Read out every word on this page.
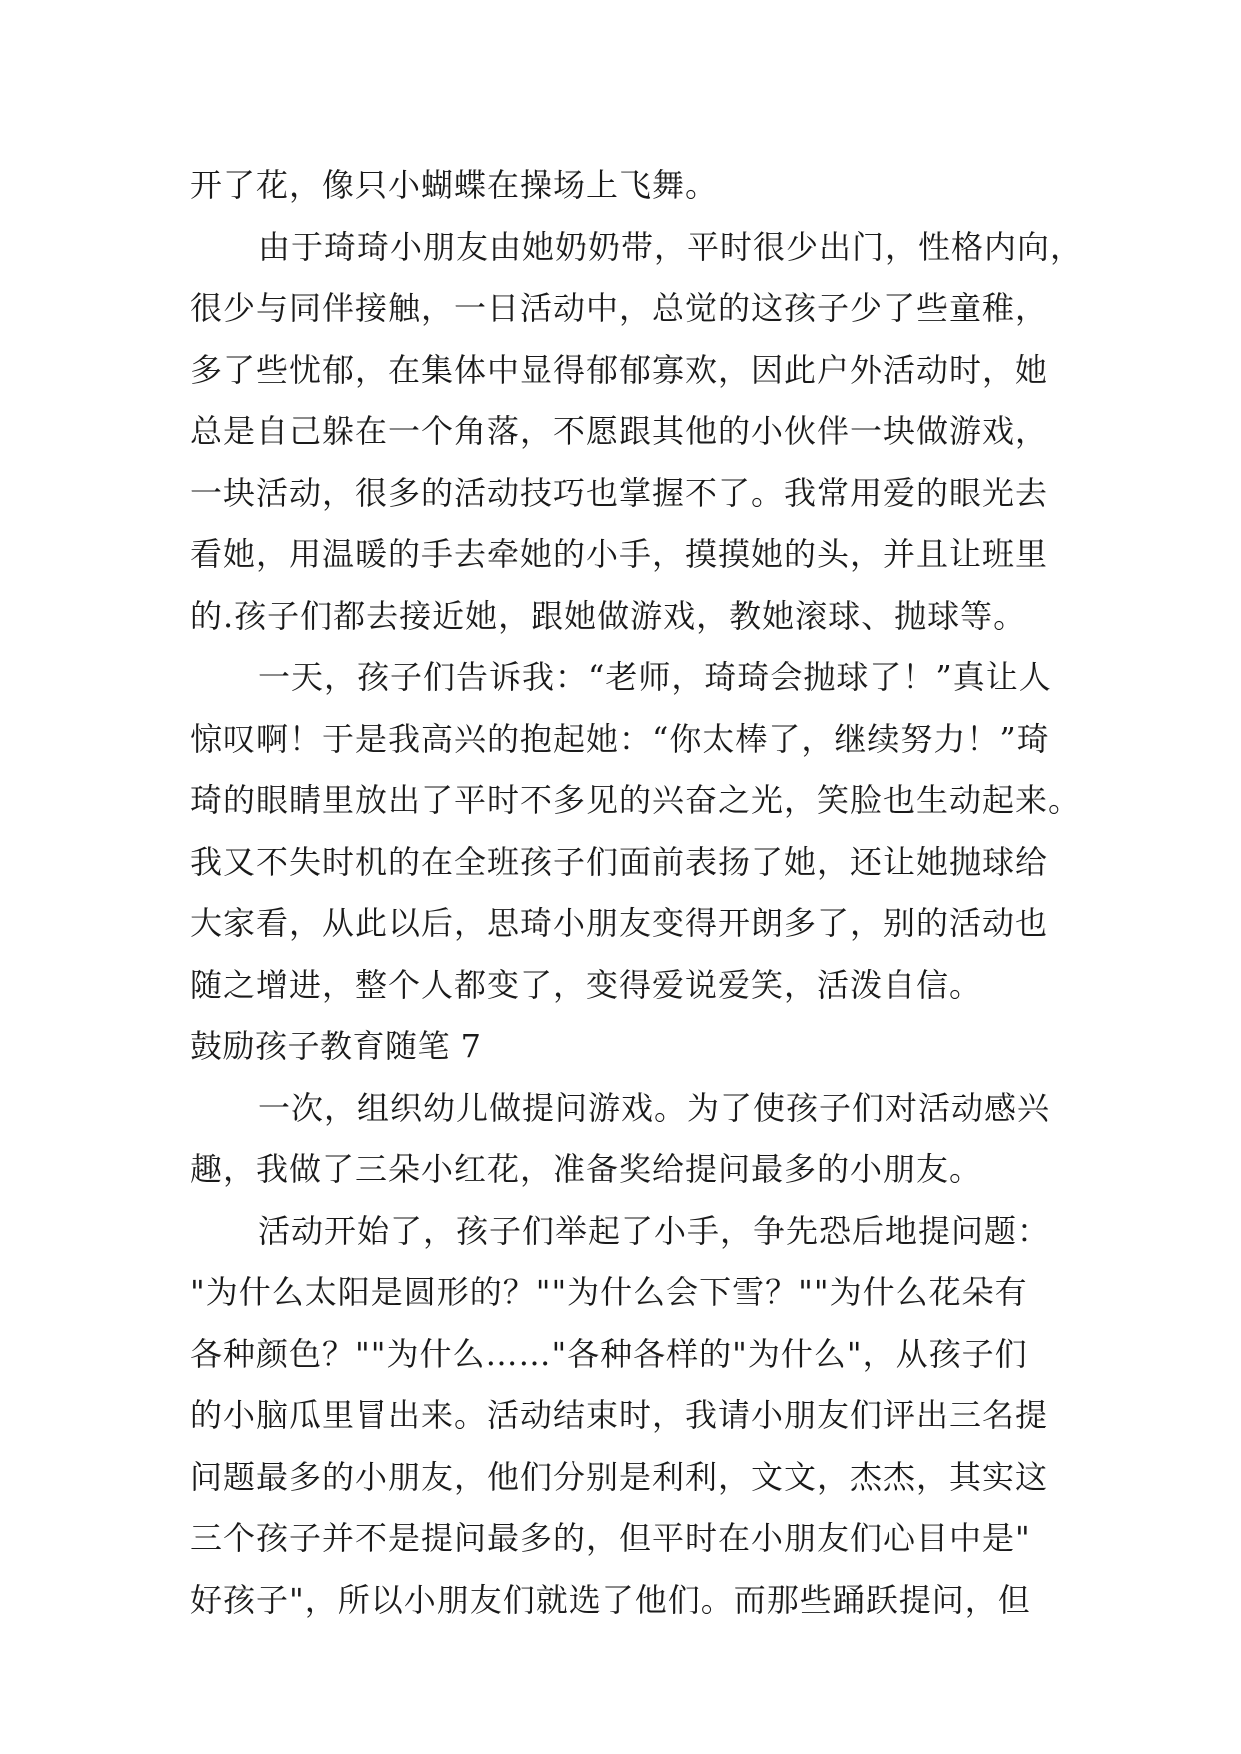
开了花，像只小蝴蝶在操场上飞舞。
由于琦琦小朋友由她奶奶带，平时很少出门，性格内向，
很少与同伴接触，一日活动中，总觉的这孩子少了些童稚，
多了些忧郁，在集体中显得郁郁寡欢，因此户外活动时，她
总是自己躲在一个角落，不愿跟其他的小伙伴一块做游戏，
一块活动，很多的活动技巧也掌握不了。我常用爱的眼光去
看她，用温暖的手去牵她的小手，摸摸她的头，并且让班里
的.孩子们都去接近她，跟她做游戏，教她滚球、抛球等。
一天，孩子们告诉我：“老师，琦琦会抛球了！”真让人
惊叹啊！于是我高兴的抱起她：“你太棒了，继续努力！”琦
琦的眼睛里放出了平时不多见的兴奋之光，笑脸也生动起来。
我又不失时机的在全班孩子们面前表扬了她，还让她抛球给
大家看，从此以后，思琦小朋友变得开朗多了，别的活动也
随之增进，整个人都变了，变得爱说爱笑，活泼自信。
鼓励孩子教育随笔 7
一次，组织幼儿做提问游戏。为了使孩子们对活动感兴
趣，我做了三朵小红花，准备奖给提问最多的小朋友。
活动开始了，孩子们举起了小手，争先恐后地提问题：
"为什么太阳是圆形的？""为什么会下雪？""为什么花朵有
各种颜色？""为什么……"各种各样的"为什么"，从孩子们
的小脑瓜里冒出来。活动结束时，我请小朋友们评出三名提
问题最多的小朋友，他们分别是利利，文文，杰杰，其实这
三个孩子并不是提问最多的，但平时在小朋友们心目中是"
好孩子"，所以小朋友们就选了他们。而那些踊跃提问，但
